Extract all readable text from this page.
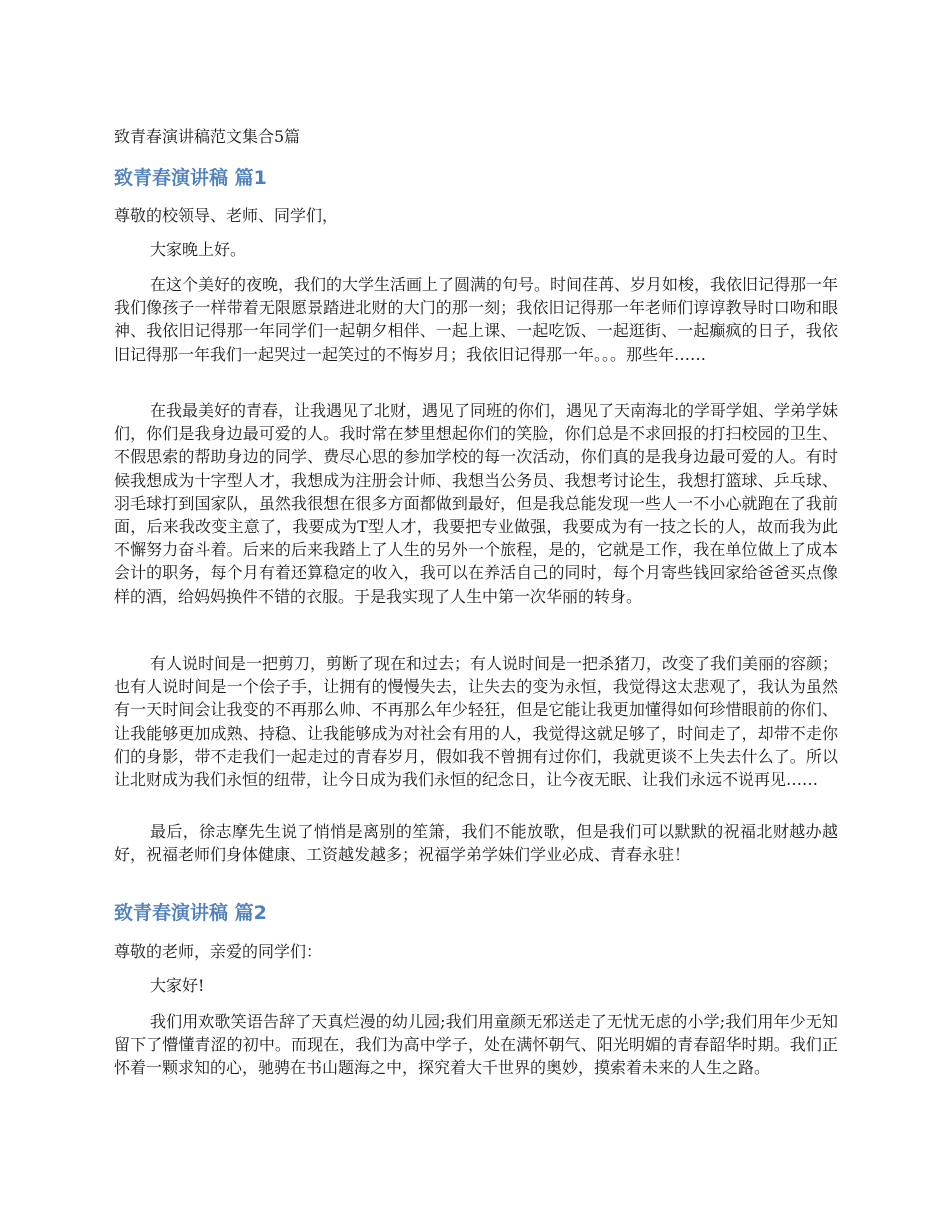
致青春演讲稿范文集合5篇
致青春演讲稿 篇1

尊敬的校领导、老师、同学们，

大家晚上好。

在这个美好的夜晚，我们的大学生活画上了圆满的句号。时间荏苒、岁月如梭，我依旧记得那一年我们像孩子一样带着无限愿景踏进北财的大门的那一刻；我依旧记得那一年老师们谆谆教导时口吻和眼神、我依旧记得那一年同学们一起朝夕相伴、一起上课、一起吃饭、一起逛街、一起癫疯的日子，我依旧记得那一年我们一起哭过一起笑过的不悔岁月；我依旧记得那一年。。。那些年……

在我最美好的青春，让我遇见了北财，遇见了同班的你们，遇见了天南海北的学哥学姐、学弟学妹们，你们是我身边最可爱的人。我时常在梦里想起你们的笑脸，你们总是不求回报的打扫校园的卫生、不假思索的帮助身边的同学、费尽心思的参加学校的每一次活动，你们真的是我身边最可爱的人。有时候我想成为十字型人才，我想成为注册会计师、我想当公务员、我想考讨论生，我想打篮球、乒乓球、羽毛球打到国家队，虽然我很想在很多方面都做到最好，但是我总能发现一些人一不小心就跑在了我前面，后来我改变主意了，我要成为T型人才，我要把专业做强，我要成为有一技之长的人，故而我为此不懈努力奋斗着。后来的后来我踏上了人生的另外一个旅程，是的，它就是工作，我在单位做上了成本会计的职务，每个月有着还算稳定的收入，我可以在养活自己的同时，每个月寄些钱回家给爸爸买点像样的酒，给妈妈换件不错的衣服。于是我实现了人生中第一次华丽的转身。

有人说时间是一把剪刀，剪断了现在和过去；有人说时间是一把杀猪刀，改变了我们美丽的容颜；也有人说时间是一个侩子手，让拥有的慢慢失去，让失去的变为永恒，我觉得这太悲观了，我认为虽然有一天时间会让我变的不再那么帅、不再那么年少轻狂，但是它能让我更加懂得如何珍惜眼前的你们、让我能够更加成熟、持稳、让我能够成为对社会有用的人，我觉得这就足够了，时间走了，却带不走你们的身影，带不走我们一起走过的青春岁月，假如我不曾拥有过你们，我就更谈不上失去什么了。所以让北财成为我们永恒的纽带，让今日成为我们永恒的纪念日，让今夜无眠、让我们永远不说再见……

最后，徐志摩先生说了悄悄是离别的笙箫，我们不能放歌，但是我们可以默默的祝福北财越办越好，祝福老师们身体健康、工资越发越多；祝福学弟学妹们学业必成、青春永驻！

致青春演讲稿 篇2

尊敬的老师，亲爱的同学们：

大家好!

我们用欢歌笑语告辞了天真烂漫的幼儿园;我们用童颜无邪送走了无忧无虑的小学;我们用年少无知留下了懵懂青涩的初中。而现在，我们为高中学子，处在满怀朝气、阳光明媚的青春韶华时期。我们正怀着一颗求知的心，驰骋在书山题海之中，探究着大千世界的奥妙，摸索着未来的人生之路。
